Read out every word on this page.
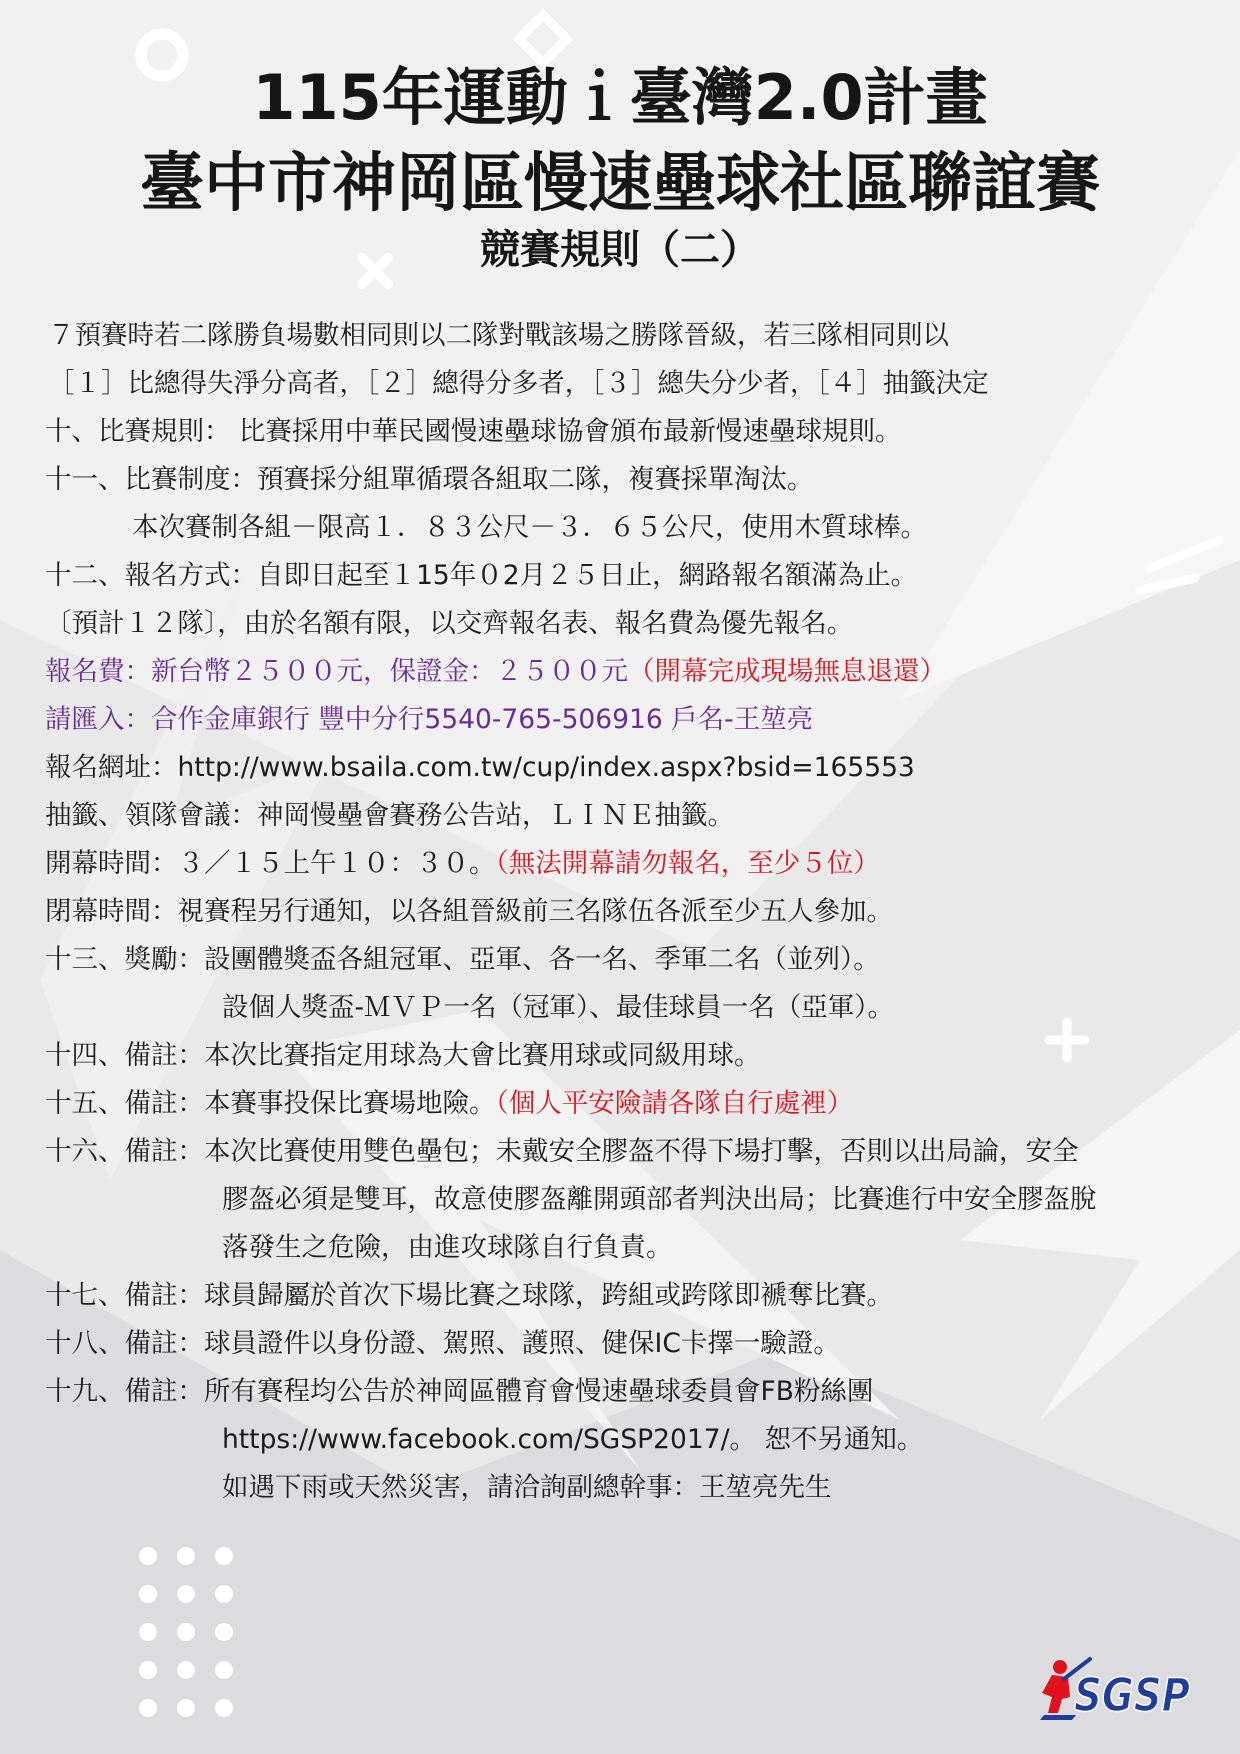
115年運動ｉ臺灣2.0計畫
臺中市神岡區慢速壘球社區聯誼賽
競賽規則（二）
７預賽時若二隊勝負場數相同則以二隊對戰該場之勝隊晉級，若三隊相同則以
［１］比總得失淨分高者，［２］總得分多者，［３］總失分少者，［４］抽籤決定
十、比賽規則： 比賽採用中華民國慢速壘球協會頒布最新慢速壘球規則。
十一、比賽制度：預賽採分組單循環各組取二隊，複賽採單淘汰。
本次賽制各組－限高１．８３公尺－３．６５公尺，使用木質球棒。
十二、報名方式：自即日起至１15年０2月２５日止，網路報名額滿為止。
〔預計１２隊〕，由於名額有限，以交齊報名表、報名費為優先報名。
報名費：新台幣２５００元，保證金：２５００元（開幕完成現場無息退還）
請匯入：合作金庫銀行 豐中分行5540-765-506916 戶名-王堃亮
報名網址：http://www.bsaila.com.tw/cup/index.aspx?bsid=165553
抽籤、領隊會議：神岡慢壘會賽務公告站，ＬＩＮＥ抽籤。
開幕時間：３／１５上午１０：３０。（無法開幕請勿報名，至少５位）
閉幕時間：視賽程另行通知，以各組晉級前三名隊伍各派至少五人參加。
十三、獎勵：設團體獎盃各組冠軍、亞軍、各一名、季軍二名（並列）。
設個人獎盃-ＭＶＰ一名（冠軍）、最佳球員一名（亞軍）。
十四、備註：本次比賽指定用球為大會比賽用球或同級用球。
十五、備註：本賽事投保比賽場地險。（個人平安險請各隊自行處裡）
十六、備註：本次比賽使用雙色壘包；未戴安全膠盔不得下場打擊，否則以出局論，安全
膠盔必須是雙耳，故意使膠盔離開頭部者判決出局；比賽進行中安全膠盔脫
落發生之危險，由進攻球隊自行負責。
十七、備註：球員歸屬於首次下場比賽之球隊，跨組或跨隊即褫奪比賽。
十八、備註：球員證件以身份證、駕照、護照、健保IC卡擇一驗證。
十九、備註：所有賽程均公告於神岡區體育會慢速壘球委員會FB粉絲團
https://www.facebook.com/SGSP2017/。 恕不另通知。
如遇下雨或天然災害，請洽詢副總幹事：王堃亮先生
SGSP
